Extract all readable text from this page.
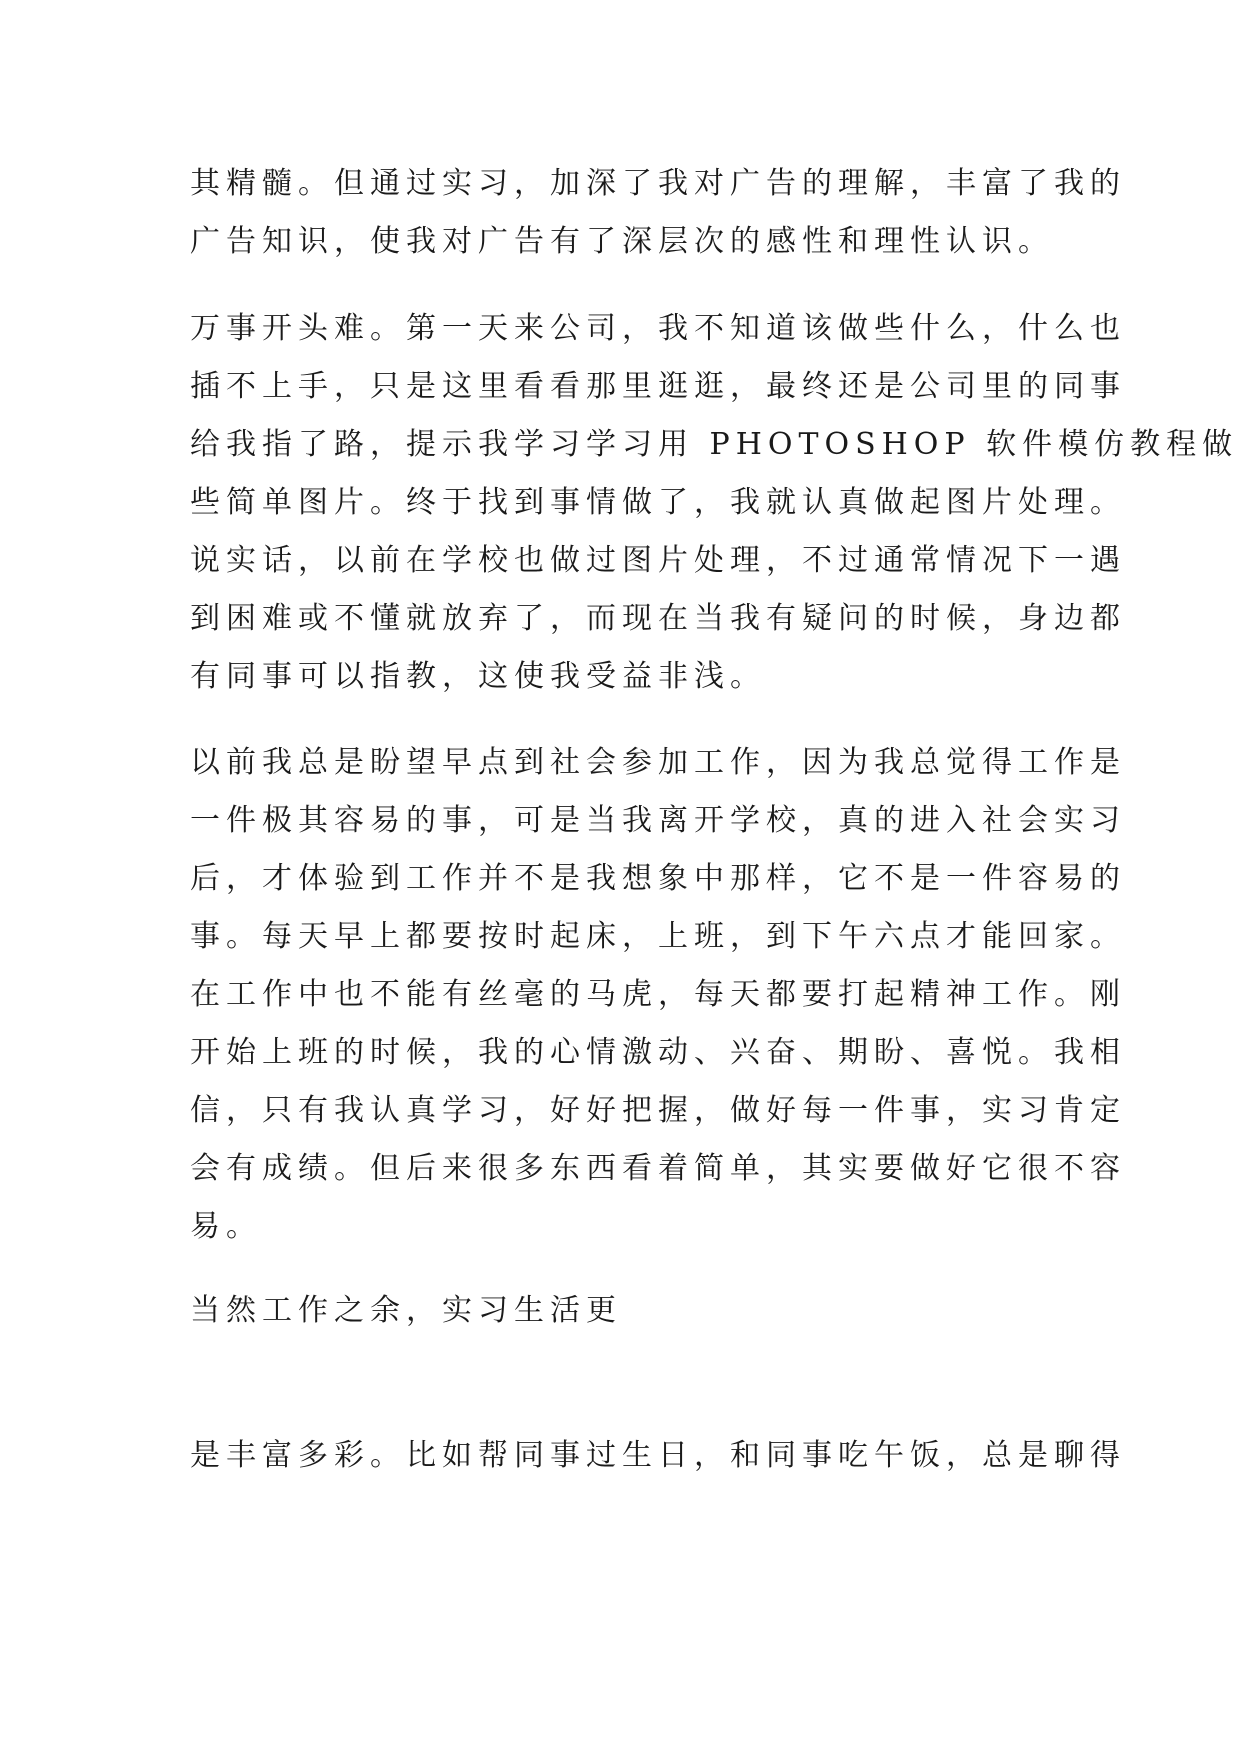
其精髓。但通过实习，加深了我对广告的理解，丰富了我的
广告知识，使我对广告有了深层次的感性和理性认识。

万事开头难。第一天来公司，我不知道该做些什么，什么也
插不上手，只是这里看看那里逛逛，最终还是公司里的同事
给我指了路，提示我学习学习用 PHOTOSHOP 软件模仿教程做
些简单图片。终于找到事情做了，我就认真做起图片处理。
说实话，以前在学校也做过图片处理，不过通常情况下一遇
到困难或不懂就放弃了，而现在当我有疑问的时候，身边都
有同事可以指教，这使我受益非浅。

以前我总是盼望早点到社会参加工作，因为我总觉得工作是
一件极其容易的事，可是当我离开学校，真的进入社会实习
后，才体验到工作并不是我想象中那样，它不是一件容易的
事。每天早上都要按时起床，上班，到下午六点才能回家。
在工作中也不能有丝毫的马虎，每天都要打起精神工作。刚
开始上班的时候，我的心情激动、兴奋、期盼、喜悦。我相
信，只有我认真学习，好好把握，做好每一件事，实习肯定
会有成绩。但后来很多东西看着简单，其实要做好它很不容
易。

当然工作之余，实习生活更

是丰富多彩。比如帮同事过生日，和同事吃午饭，总是聊得
